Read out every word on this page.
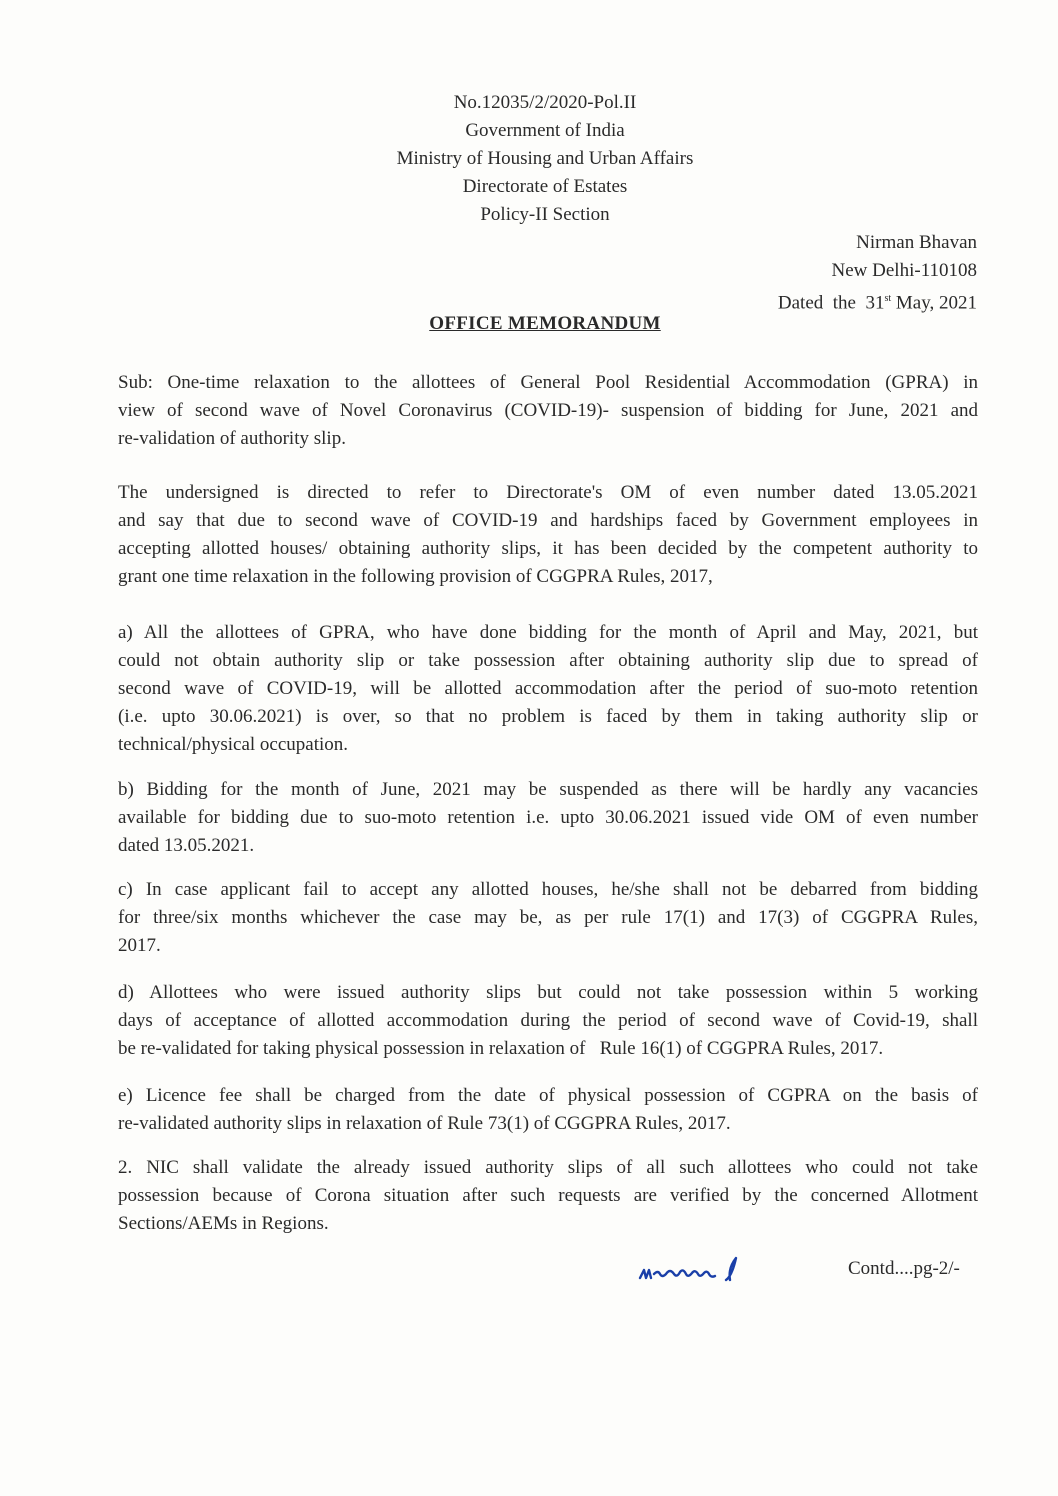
No.12035/2/2020-Pol.II
Government of India
Ministry of Housing and Urban Affairs
Directorate of Estates
Policy-II Section
Nirman Bhavan
New Delhi-110108
Dated  the  31st May, 2021
OFFICE MEMORANDUM
Sub: One-time relaxation to the allottees of General Pool Residential Accommodation (GPRA) in
view of second wave of Novel Coronavirus (COVID-19)- suspension of bidding for June, 2021 and
re-validation of authority slip.
The undersigned is directed to refer to Directorate's OM of even number dated 13.05.2021
and say that due to second wave of COVID-19 and hardships faced by Government employees in
accepting allotted houses/ obtaining authority slips, it has been decided by the competent authority to
grant one time relaxation in the following provision of CGGPRA Rules, 2017,
a) All the allottees of GPRA, who have done bidding for the month of April and May, 2021, but
could not obtain authority slip or take possession after obtaining authority slip due to spread of
second wave of COVID-19, will be allotted accommodation after the period of suo-moto retention
(i.e. upto 30.06.2021) is over, so that no problem is faced by them in taking authority slip or
technical/physical occupation.
b) Bidding for the month of June, 2021 may be suspended as there will be hardly any vacancies
available for bidding due to suo-moto retention i.e. upto 30.06.2021 issued vide OM of even number
dated 13.05.2021.
c) In case applicant fail to accept any allotted houses, he/she shall not be debarred from bidding
for three/six months whichever the case may be, as per rule 17(1) and 17(3) of CGGPRA Rules,
2017.
d) Allottees who were issued authority slips but could not take possession within 5 working
days of acceptance of allotted accommodation during the period of second wave of Covid-19, shall
be re-validated for taking physical possession in relaxation of   Rule 16(1) of CGGPRA Rules, 2017.
e) Licence fee shall be charged from the date of physical possession of CGPRA on the basis of
re-validated authority slips in relaxation of Rule 73(1) of CGGPRA Rules, 2017.
2. NIC shall validate the already issued authority slips of all such allottees who could not take
possession because of Corona situation after such requests are verified by the concerned Allotment
Sections/AEMs in Regions.
Contd....pg-2/-
